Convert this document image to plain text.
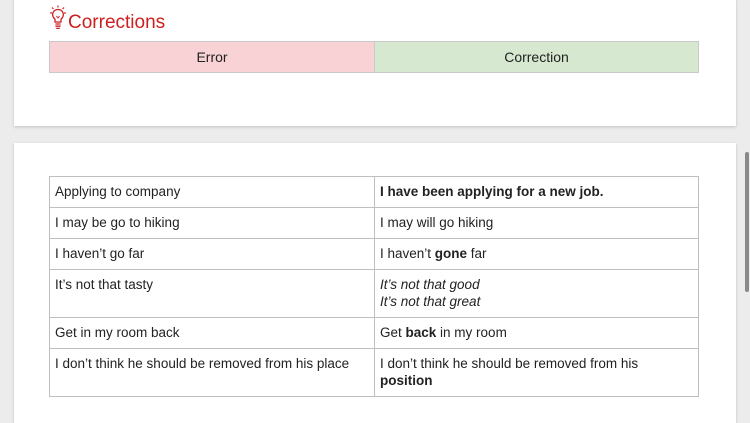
Corrections
Error	Correction
Applying to company	I have been applying for a new job.
I may be go to hiking	I may will go hiking
I haven’t go far	I haven’t gone far
It’s not that tasty	It’s not that good
It’s not that great

Get in my room back	Get back in my room
I don’t think he should be removed from his place	I don’t think he should be removed from his position
